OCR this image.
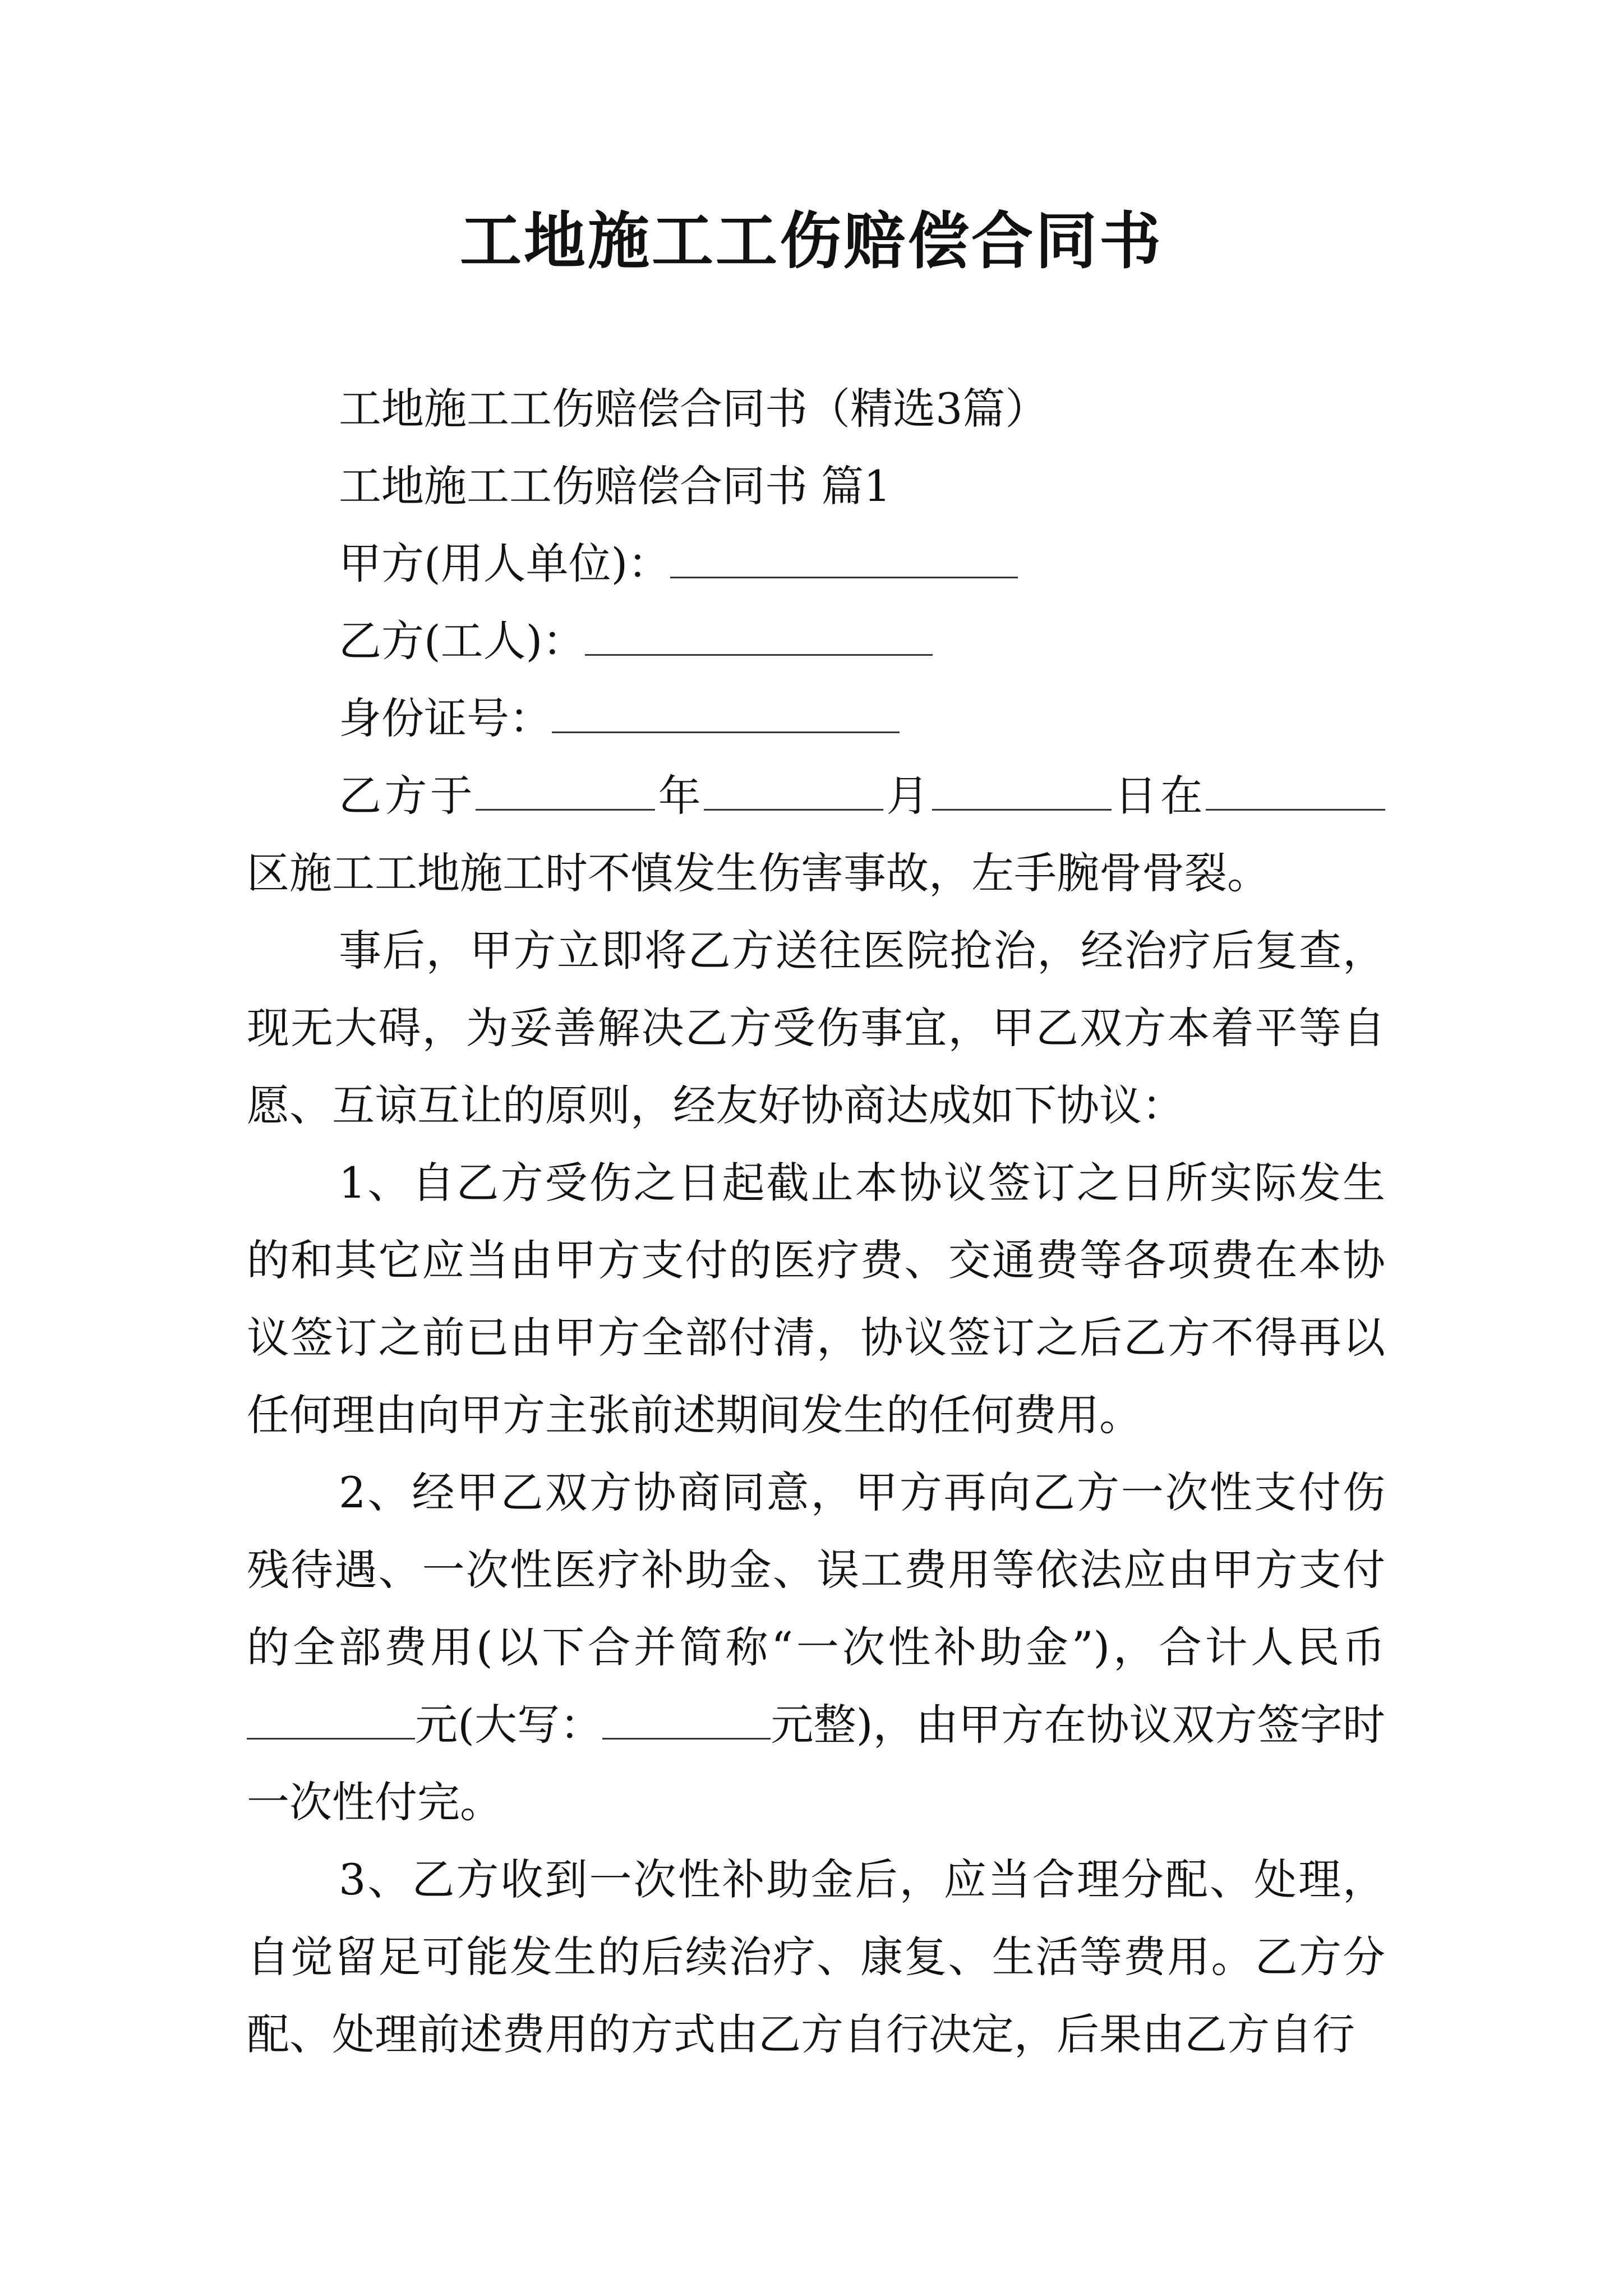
工地施工工伤赔偿合同书

工地施工工伤赔偿合同书（精选3篇）

工地施工工伤赔偿合同书 篇1

甲方(用人单位)：

乙方(工人)：

身份证号：

乙方于	年	月	日在区施工工地施工时不慎发生伤害事故，左手腕骨骨裂。

事后，甲方立即将乙方送往医院抢治，经治疗后复查，现无大碍，为妥善解决乙方受伤事宜，甲乙双方本着平等自愿、互谅互让的原则，经友好协商达成如下协议：

1、自乙方受伤之日起截止本协议签订之日所实际发生的和其它应当由甲方支付的医疗费、交通费等各项费在本协议签订之前已由甲方全部付清，协议签订之后乙方不得再以任何理由向甲方主张前述期间发生的任何费用。

2、经甲乙双方协商同意，甲方再向乙方一次性支付伤残待遇、一次性医疗补助金、误工费用等依法应由甲方支付的全部费用(以下合并简称“一次性补助金”)，合计人民币元(大写：	元整)，由甲方在协议双方签字时一次性付完。

3、乙方收到一次性补助金后，应当合理分配、处理，自觉留足可能发生的后续治疗、康复、生活等费用。乙方分配、处理前述费用的方式由乙方自行决定，后果由乙方自行
